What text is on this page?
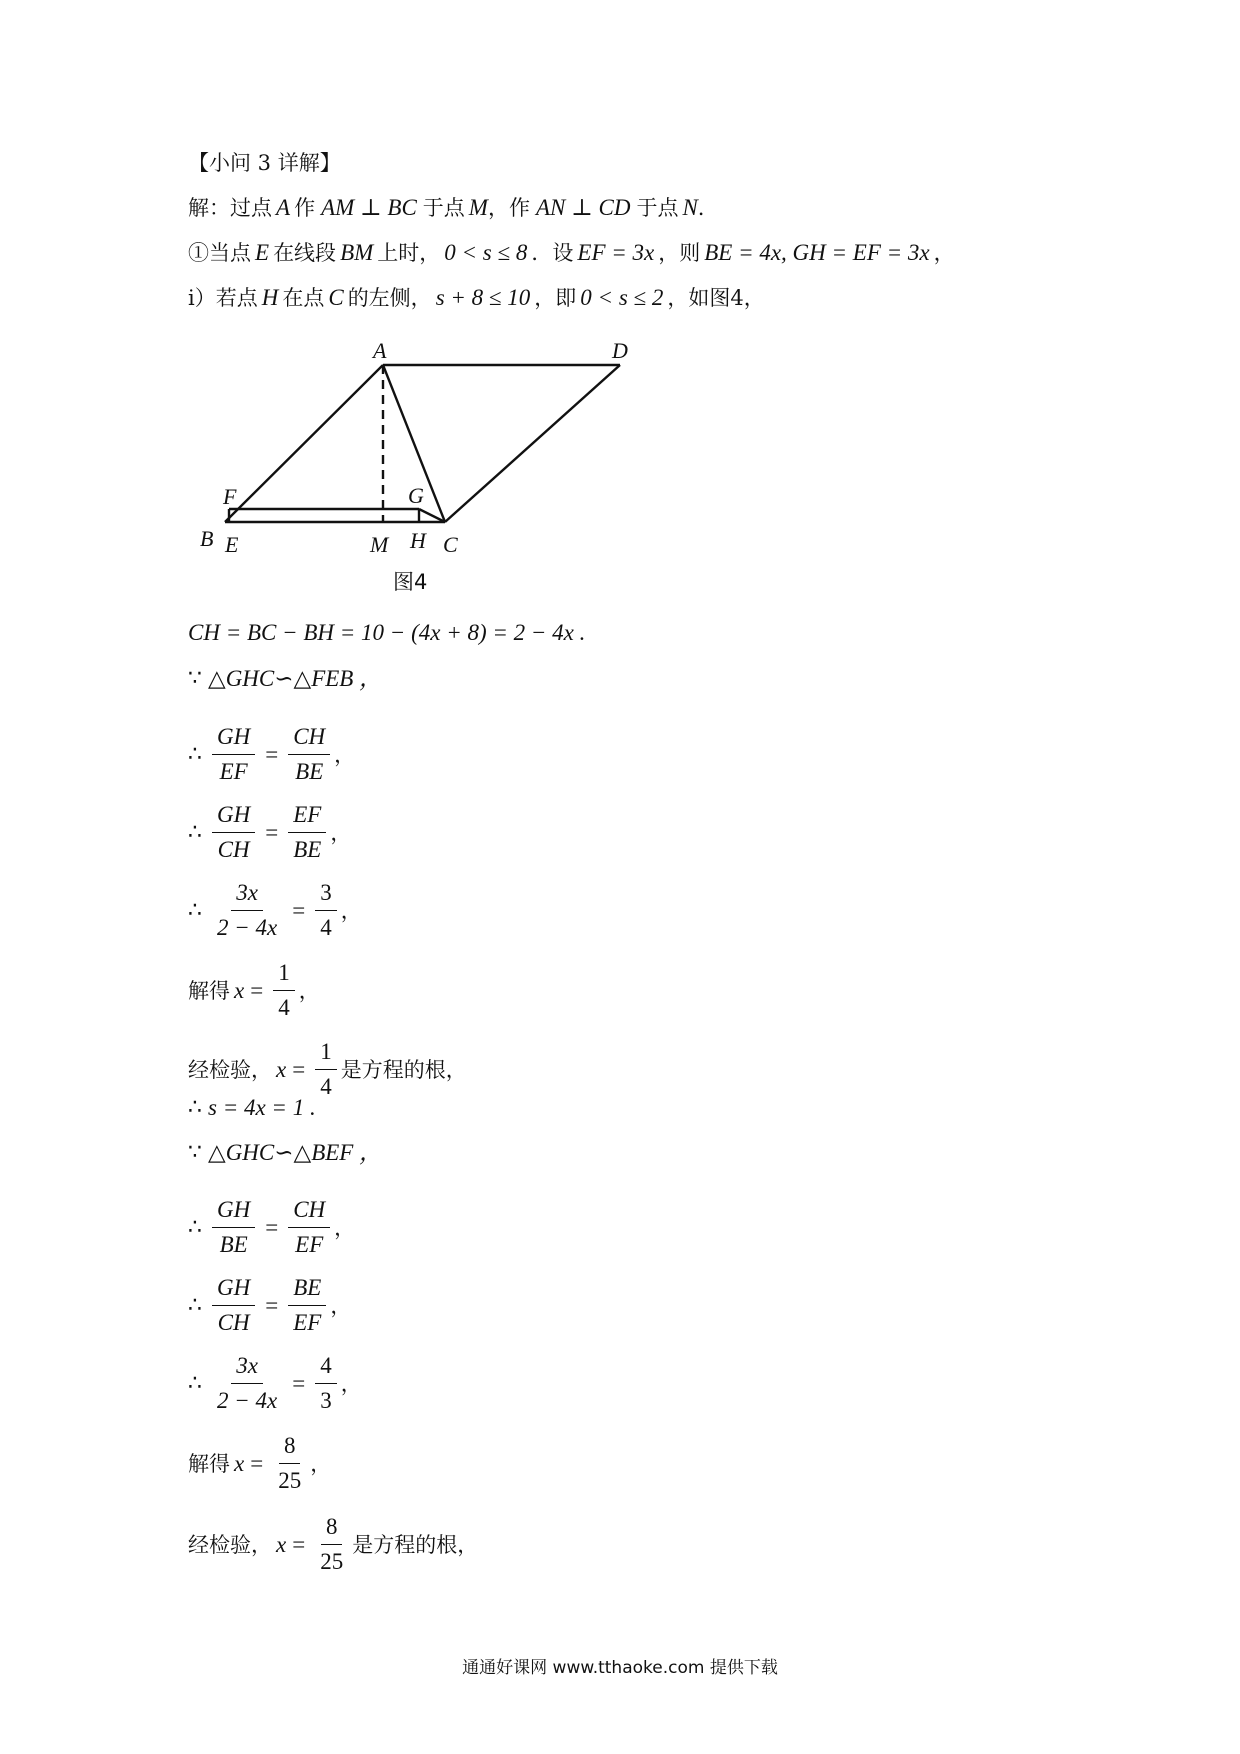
【小问 3 详解】
解：过点 A 作 AM ⊥ BC 于点 M ，作 AN ⊥ CD 于点 N .
①当点 E 在线段 BM 上时， 0 < s ≤ 8 ．设 EF = 3x ，则 BE = 4x, GH = EF = 3x ，
ⅰ）若点 H 在点 C 的左侧， s + 8 ≤ 10 ，即 0 < s ≤ 2 ，如图4，
A	D
F	G
B E	M H C
图4
CH = BC − BH = 10 − (4x + 8) = 2 − 4x .
∵ △GHC∽△FEB ，
∴ $\frac{GH}{EF} = \frac{CH}{BE}$ ，
∴ $\frac{GH}{CH} = \frac{EF}{BE}$ ，
∴ $\frac{3x}{2 - 4x} = \frac{3}{4}$ ，
解得 $x = \frac{1}{4}$ ，
经检验， $x = \frac{1}{4}$ 是方程的根，
∴ s = 4x = 1 .
∵ △GHC∽△BEF ，
∴ $\frac{GH}{BE} = \frac{CH}{EF}$ ，
∴ $\frac{GH}{CH} = \frac{BE}{EF}$ ，
∴ $\frac{3x}{2 - 4x} = \frac{4}{3}$ ，
解得 $x = \frac{8}{25}$ ，
经检验， $x = \frac{8}{25}$ 是方程的根，
通通好课网 www.tthaoke.com 提供下载
